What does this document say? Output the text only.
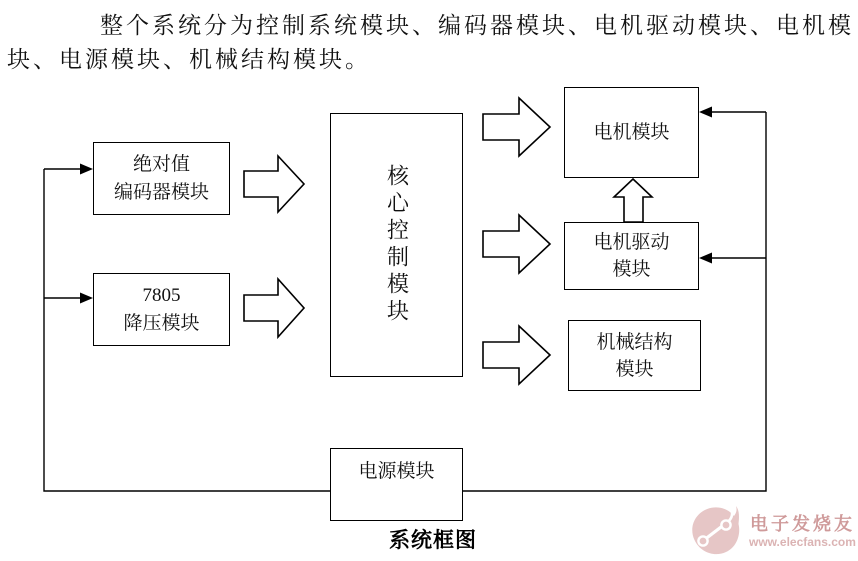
整个系统分为控制系统模块、编码器模块、电机驱动模块、电机模

块、电源模块、机械结构模块。

绝对值
编码器模块
7805
降压模块	核心控制模块
电机模块
电机驱动
模块
机械结构
模块
电源模块
系统框图
电子发烧友
www.elecfans.com
